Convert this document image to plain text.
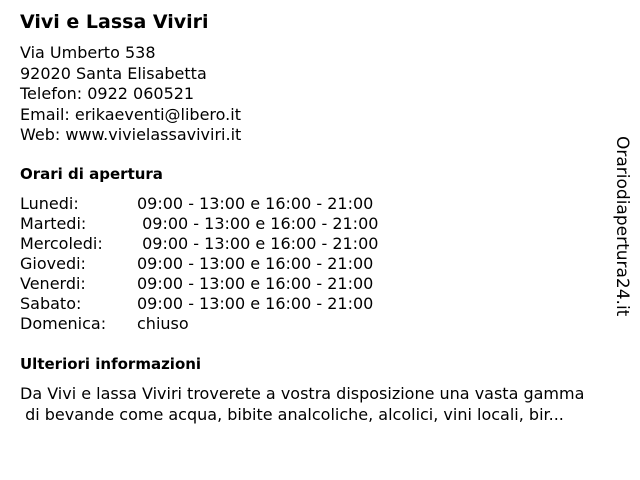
Vivi e Lassa Viviri
Via Umberto 538
92020 Santa Elisabetta
Telefon: 0922 060521
Email: erikaeventi@libero.it
Web: www.vivielassaviviri.it
Orari di apertura
Lunedi:	09:00 - 13:00 e 16:00 - 21:00
Martedi:	09:00 - 13:00 e 16:00 - 21:00
Mercoledi:	09:00 - 13:00 e 16:00 - 21:00
Giovedi:	09:00 - 13:00 e 16:00 - 21:00
Venerdi:	09:00 - 13:00 e 16:00 - 21:00
Sabato:	09:00 - 13:00 e 16:00 - 21:00
Domenica:	chiuso
Ulteriori informazioni
Da Vivi e lassa Viviri troverete a vostra disposizione una vasta gamma
di bevande come acqua, bibite analcoliche, alcolici, vini locali, bir...
Orariodiapertura24.it
